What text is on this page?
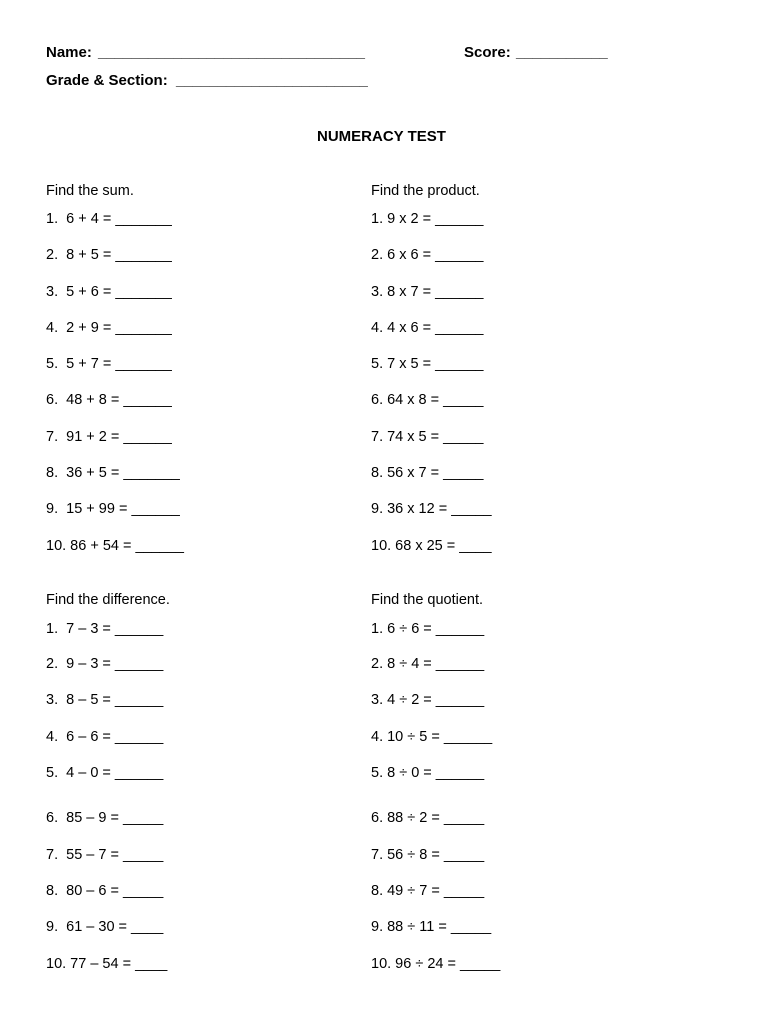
Name: ________________________________	Score: ___________
Grade & Section: _______________________
NUMERACY TEST
Find the sum.
1.  6 + 4 = _______
2.  8 + 5 = _______
3.  5 + 6 = _______
4.  2 + 9 = _______
5.  5 + 7 = _______
6.  48 + 8 = ______
7.  91 + 2 = ______
8.  36 + 5 = _______
9.  15 + 99 = ______
10. 86 + 54 = ______
Find the product.
1. 9 x 2 = ______
2. 6 x 6 = ______
3. 8 x 7 = ______
4. 4 x 6 = ______
5. 7 x 5 = ______
6. 64 x 8 = _____
7. 74 x 5 = _____
8. 56 x 7 = _____
9. 36 x 12 = _____
10. 68 x 25 = ____
Find the difference.
1.  7 – 3 = ______
2.  9 – 3 = ______
3.  8 – 5 = ______
4.  6 – 6 = ______
5.  4 – 0 = ______
6.  85 – 9 = _____
7.  55 – 7 = _____
8.  80 – 6 = _____
9.  61 – 30 = ____
10. 77 – 54 = ____
Find the quotient.
1. 6 ÷ 6 = ______
2. 8 ÷ 4 = ______
3. 4 ÷ 2 = ______
4. 10 ÷ 5 = ______
5. 8 ÷ 0 = ______
6. 88 ÷ 2 = _____
7. 56 ÷ 8 = _____
8. 49 ÷ 7 = _____
9. 88 ÷ 11 = _____
10. 96 ÷ 24 = _____
